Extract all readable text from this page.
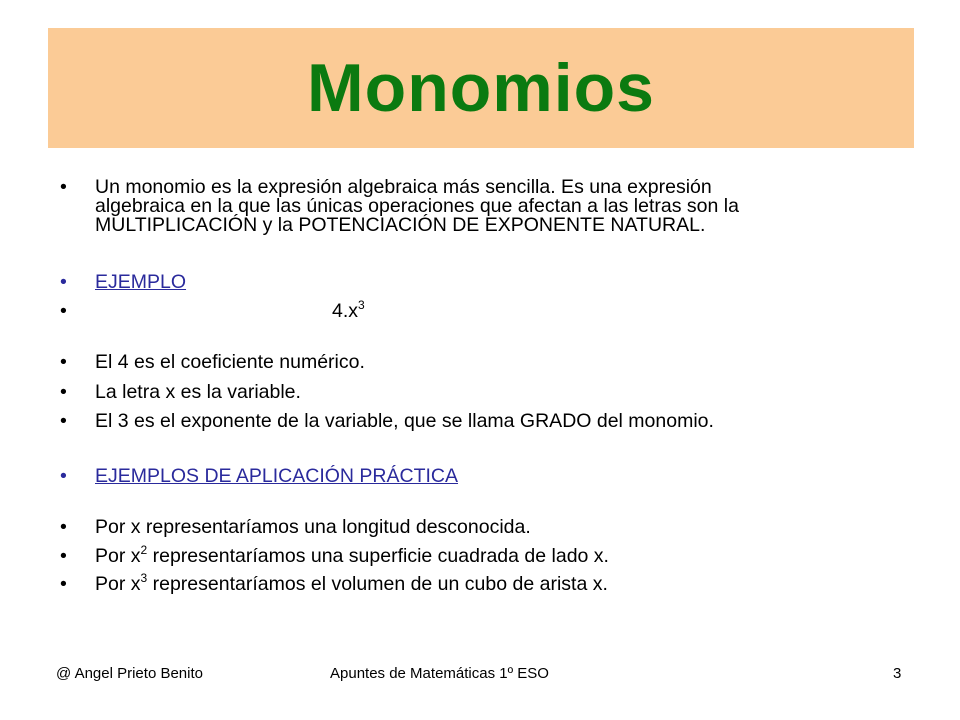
Monomios
•	Un monomio es la expresión algebraica más sencilla. Es una expresión
algebraica en la que las únicas operaciones que afectan a las letras son la
MULTIPLICACIÓN y la POTENCIACIÓN DE EXPONENTE NATURAL.
•	EJEMPLO
•	$4.x^3$
•	El 4 es el coeficiente numérico.
•	La letra x es la variable.
•	El 3 es el exponente de la variable, que se llama GRADO del monomio.
•	EJEMPLOS DE APLICACIÓN PRÁCTICA
•	Por x representaríamos una longitud desconocida.
•	Por $x^2$ representaríamos una superficie cuadrada de lado x.
•	Por $x^3$ representaríamos el volumen de un cubo de arista x.
@ Angel Prieto Benito	Apuntes de Matemáticas 1º ESO	3
